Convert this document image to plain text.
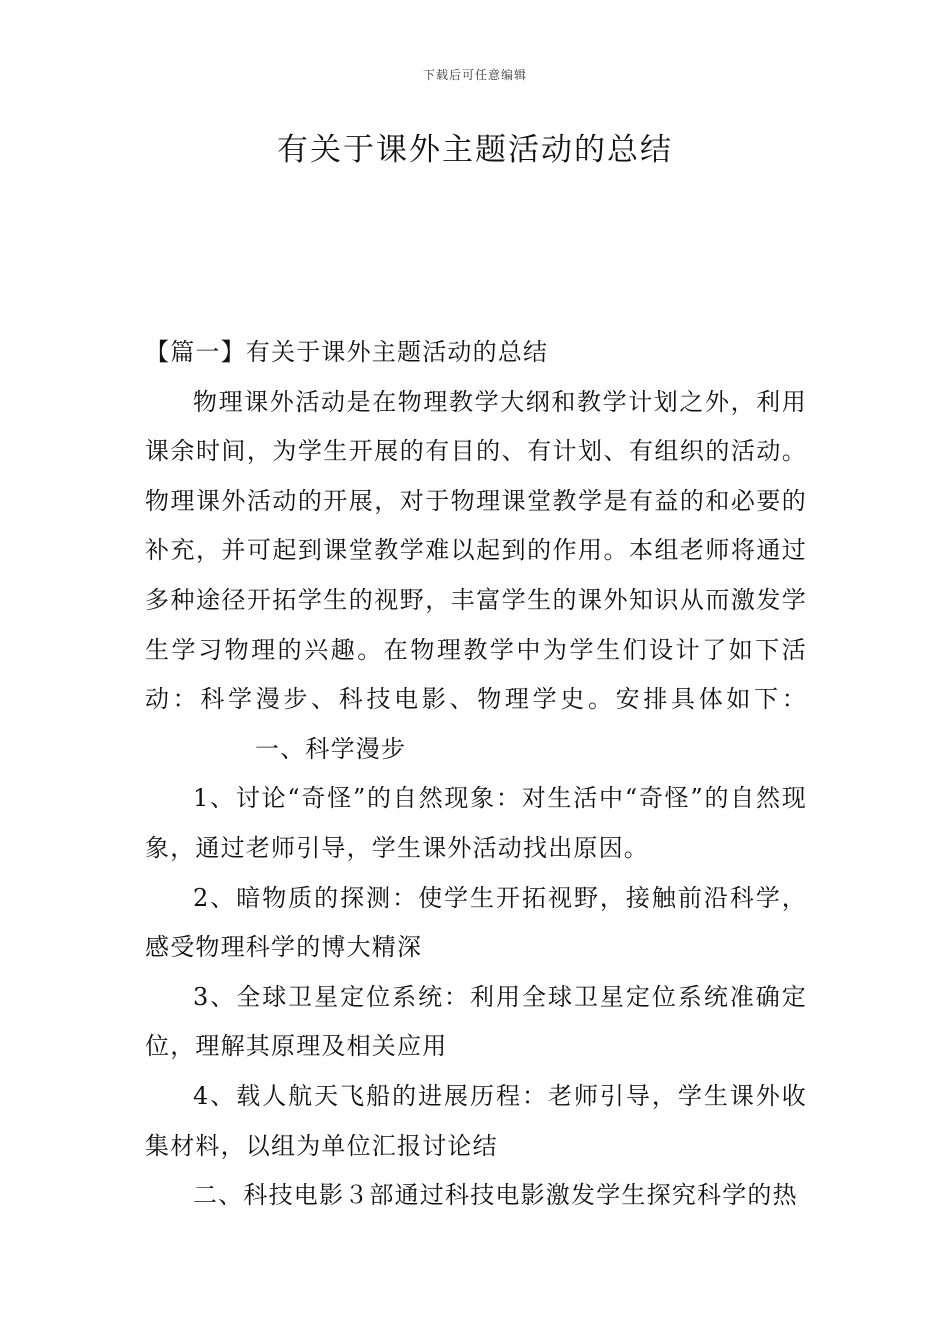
下载后可任意编辑
有关于课外主题活动的总结

【篇一】有关于课外主题活动的总结

物理课外活动是在物理教学大纲和教学计划之外，利用课余时间，为学生开展的有目的、有计划、有组织的活动。物理课外活动的开展，对于物理课堂教学是有益的和必要的补充，并可起到课堂教学难以起到的作用。本组老师将通过多种途径开拓学生的视野，丰富学生的课外知识从而激发学生学习物理的兴趣。在物理教学中为学生们设计了如下活动：科学漫步、科技电影、物理学史。安排具体如下：一、科学漫步

1、讨论“奇怪”的自然现象：对生活中“奇怪”的自然现象，通过老师引导，学生课外活动找出原因。

2、暗物质的探测：使学生开拓视野，接触前沿科学，感受物理科学的博大精深

3、全球卫星定位系统：利用全球卫星定位系统准确定位，理解其原理及相关应用

4、载人航天飞船的进展历程：老师引导，学生课外收集材料，以组为单位汇报讨论结

二、科技电影３部通过科技电影激发学生探究科学的热
